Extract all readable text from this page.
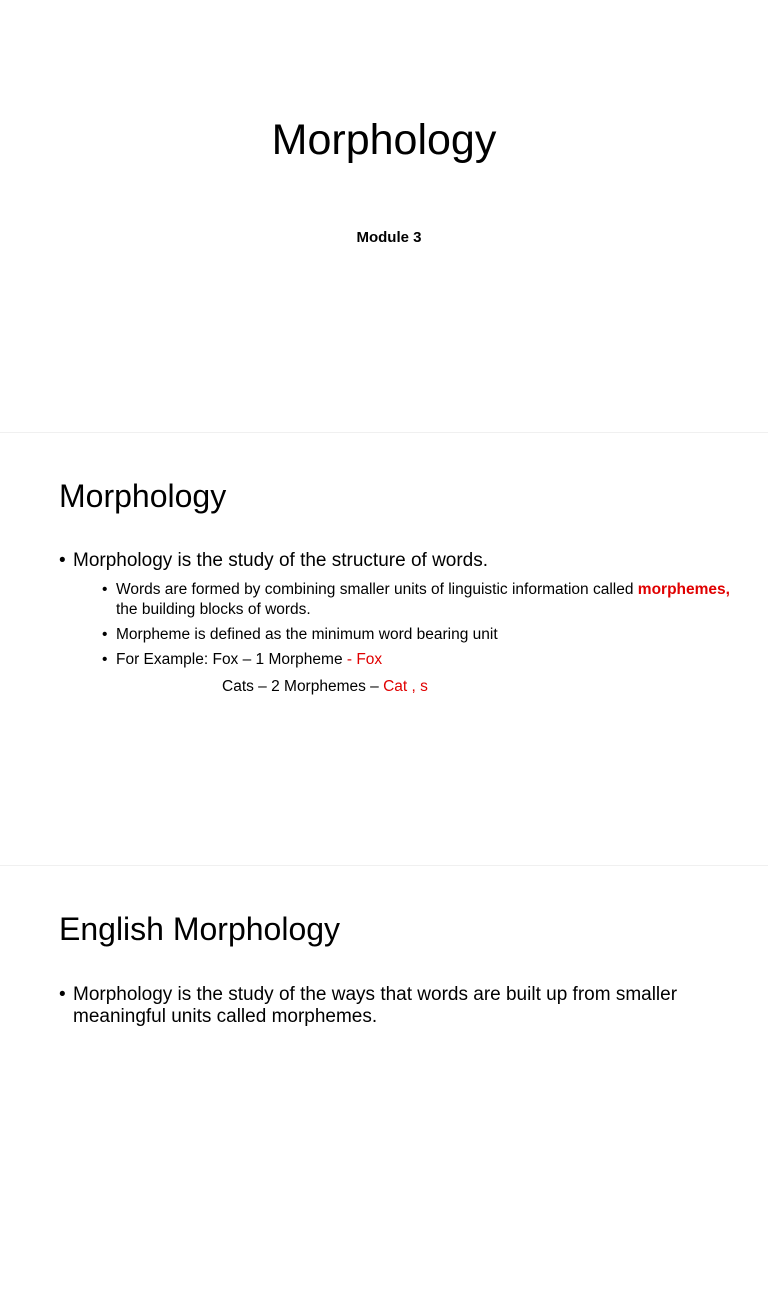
Morphology
Module 3
Morphology
• Morphology is the study of the structure of words.
• Words are formed by combining smaller units of linguistic information called morphemes, the building blocks of words.
• Morpheme is defined as the minimum word bearing unit
• For Example: Fox – 1 Morpheme - Fox
Cats – 2 Morphemes – Cat , s
English Morphology
• Morphology is the study of the ways that words are built up from smaller meaningful units called morphemes.
